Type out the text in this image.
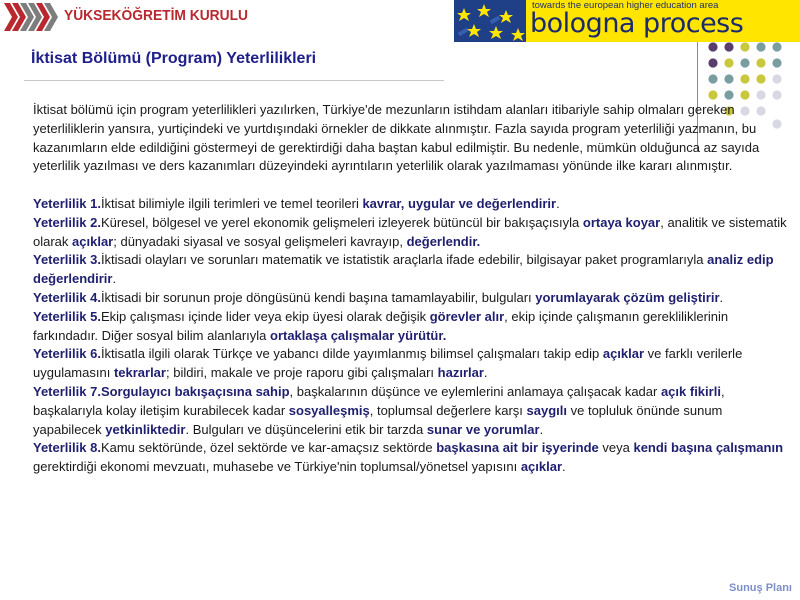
YÜKSEKÖĞRETİM KURULU
towards the european higher education area
bologna process
İktisat Bölümü (Program) Yeterlilikleri

İktisat bölümü için program yeterlilikleri yazılırken, Türkiye'de mezunların istihdam alanları itibariyle sahip olmaları gereken yeterliliklerin yansıra, yurtiçindeki ve yurtdışındaki örnekler de dikkate alınmıştır. Fazla sayıda program yeterliliği yazmanın, bu kazanımların elde edildiğini göstermeyi de gerektirdiği daha baştan kabul edilmiştir. Bu nedenle, mümkün olduğunca az sayıda yeterlilik yazılması ve ders kazanımları düzeyindeki ayrıntıların yeterlilik olarak yazılmaması yönünde ilke kararı alınmıştır.

Yeterlilik 1.İktisat bilimiyle ilgili terimleri ve temel teorileri kavrar, uygular ve değerlendirir.

Yeterlilik 2.Küresel, bölgesel ve yerel ekonomik gelişmeleri izleyerek bütüncül bir bakışaçısıyla ortaya koyar, analitik ve sistematik olarak açıklar; dünyadaki siyasal ve sosyal gelişmeleri kavrayıp, değerlendir.

Yeterlilik 3.İktisadi olayları ve sorunları matematik ve istatistik araçlarla ifade edebilir, bilgisayar paket programlarıyla analiz edip değerlendirir.

Yeterlilik 4.İktisadi bir sorunun proje döngüsünü kendi başına tamamlayabilir, bulguları yorumlayarak çözüm geliştirir.

Yeterlilik 5.Ekip çalışması içinde lider veya ekip üyesi olarak değişik görevler alır, ekip içinde çalışmanın gerekliliklerinin farkındadır. Diğer sosyal bilim alanlarıyla ortaklaşa çalışmalar yürütür.

Yeterlilik 6.İktisatla ilgili olarak Türkçe ve yabancı dilde yayımlanmış bilimsel çalışmaları takip edip açıklar ve farklı verilerle uygulamasını tekrarlar; bildiri, makale ve proje raporu gibi çalışmaları hazırlar.

Yeterlilik 7.Sorgulayıcı bakışaçısına sahip, başkalarının düşünce ve eylemlerini anlamaya çalışacak kadar açık fikirli, başkalarıyla kolay iletişim kurabilecek kadar sosyalleşmiş, toplumsal değerlere karşı saygılı ve topluluk önünde sunum yapabilecek yetkinliktedir. Bulguları ve düşüncelerini etik bir tarzda sunar ve yorumlar.

Yeterlilik 8.Kamu sektöründe, özel sektörde ve kar-amaçsız sektörde başkasına ait bir işyerinde veya kendi başına çalışmanın gerektirdiği ekonomi mevzuatı, muhasebe ve Türkiye'nin toplumsal/yönetsel yapısını açıklar.

Sunuş Planı
